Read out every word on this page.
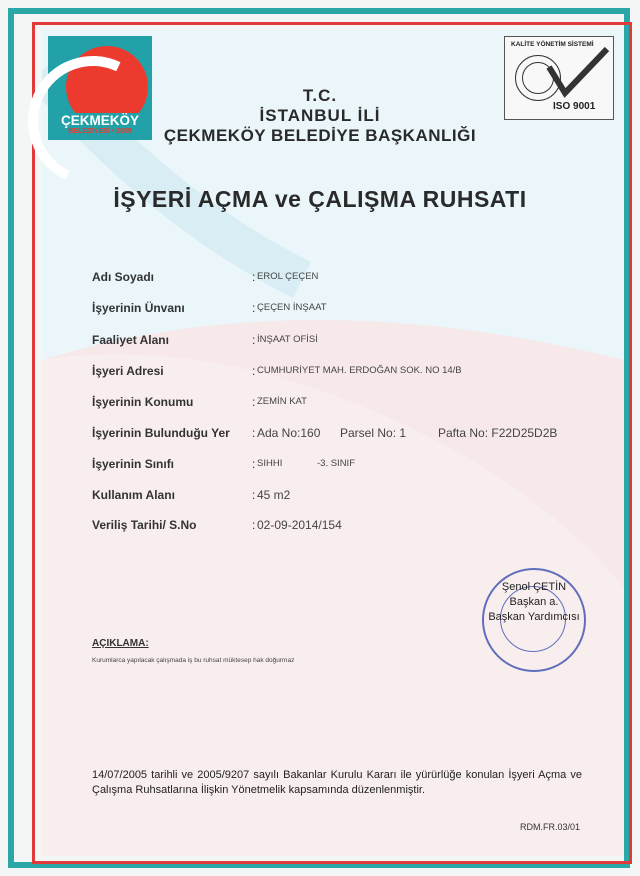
ÇEKMEKÖY
BELEDİYESİ • 2009
KALİTE YÖNETİM SİSTEMİ
ISO 9001
T.C.
İSTANBUL İLİ
ÇEKMEKÖY BELEDİYE BAŞKANLIĞI
İŞYERİ AÇMA ve ÇALIŞMA RUHSATI
Adı Soyadı	: EROL ÇEÇEN
İşyerinin Ünvanı	: ÇEÇEN İNŞAAT
Faaliyet Alanı	: İNŞAAT OFİSİ
İşyeri Adresi	: CUMHURİYET MAH. ERDOĞAN SOK. NO 14/B
İşyerinin Konumu	: ZEMİN KAT
İşyerinin Bulunduğu Yer : Ada No:160 Parsel No: 1	Pafta No: F22D25D2B
İşyerinin Sınıfı	: SIHHI	-3. SINIF
Kullanım Alanı	: 45 m2
Veriliş Tarihi/ S.No	: 02-09-2014/154
Şenol ÇETİN
Başkan a.
Başkan Yardımcısı
AÇIKLAMA:
Kurumlarca yapılacak çalışmada iş bu ruhsat müktesep hak doğurmaz
14/07/2005 tarihli ve 2005/9207 sayılı Bakanlar Kurulu Kararı ile yürürlüğe konulan İşyeri Açma ve Çalışma Ruhsatlarına İlişkin Yönetmelik kapsamında düzenlenmiştir.
RDM.FR.03/01
